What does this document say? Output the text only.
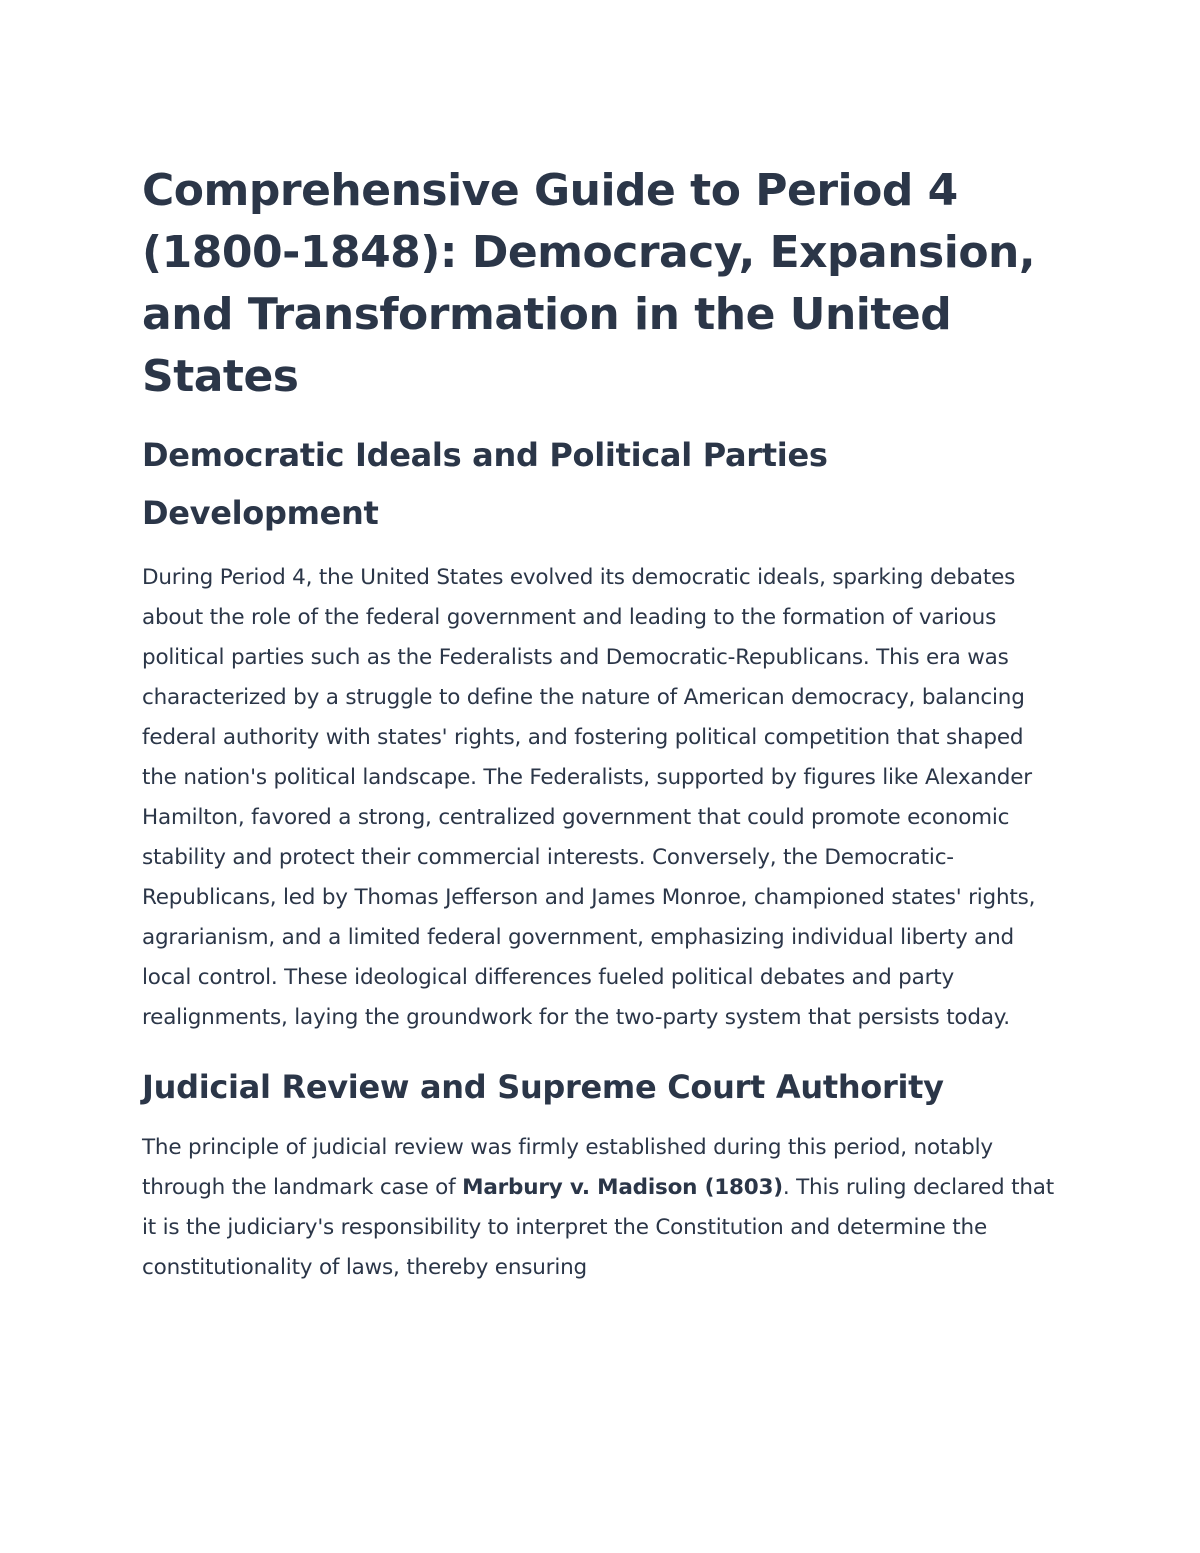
Comprehensive Guide to Period 4 (1800-1848): Democracy, Expansion, and Transformation in the United States
Democratic Ideals and Political Parties Development

During Period 4, the United States evolved its democratic ideals, sparking debates about the role of the federal government and leading to the formation of various political parties such as the Federalists and Democratic-Republicans. This era was characterized by a struggle to define the nature of American democracy, balancing federal authority with states' rights, and fostering political competition that shaped the nation's political landscape. The Federalists, supported by figures like Alexander Hamilton, favored a strong, centralized government that could promote economic stability and protect their commercial interests. Conversely, the Democratic-Republicans, led by Thomas Jefferson and James Monroe, championed states' rights, agrarianism, and a limited federal government, emphasizing individual liberty and local control. These ideological differences fueled political debates and party realignments, laying the groundwork for the two-party system that persists today.

Judicial Review and Supreme Court Authority

The principle of judicial review was firmly established during this period, notably through the landmark case of Marbury v. Madison (1803). This ruling declared that it is the judiciary's responsibility to interpret the Constitution and determine the constitutionality of laws, thereby ensuring
